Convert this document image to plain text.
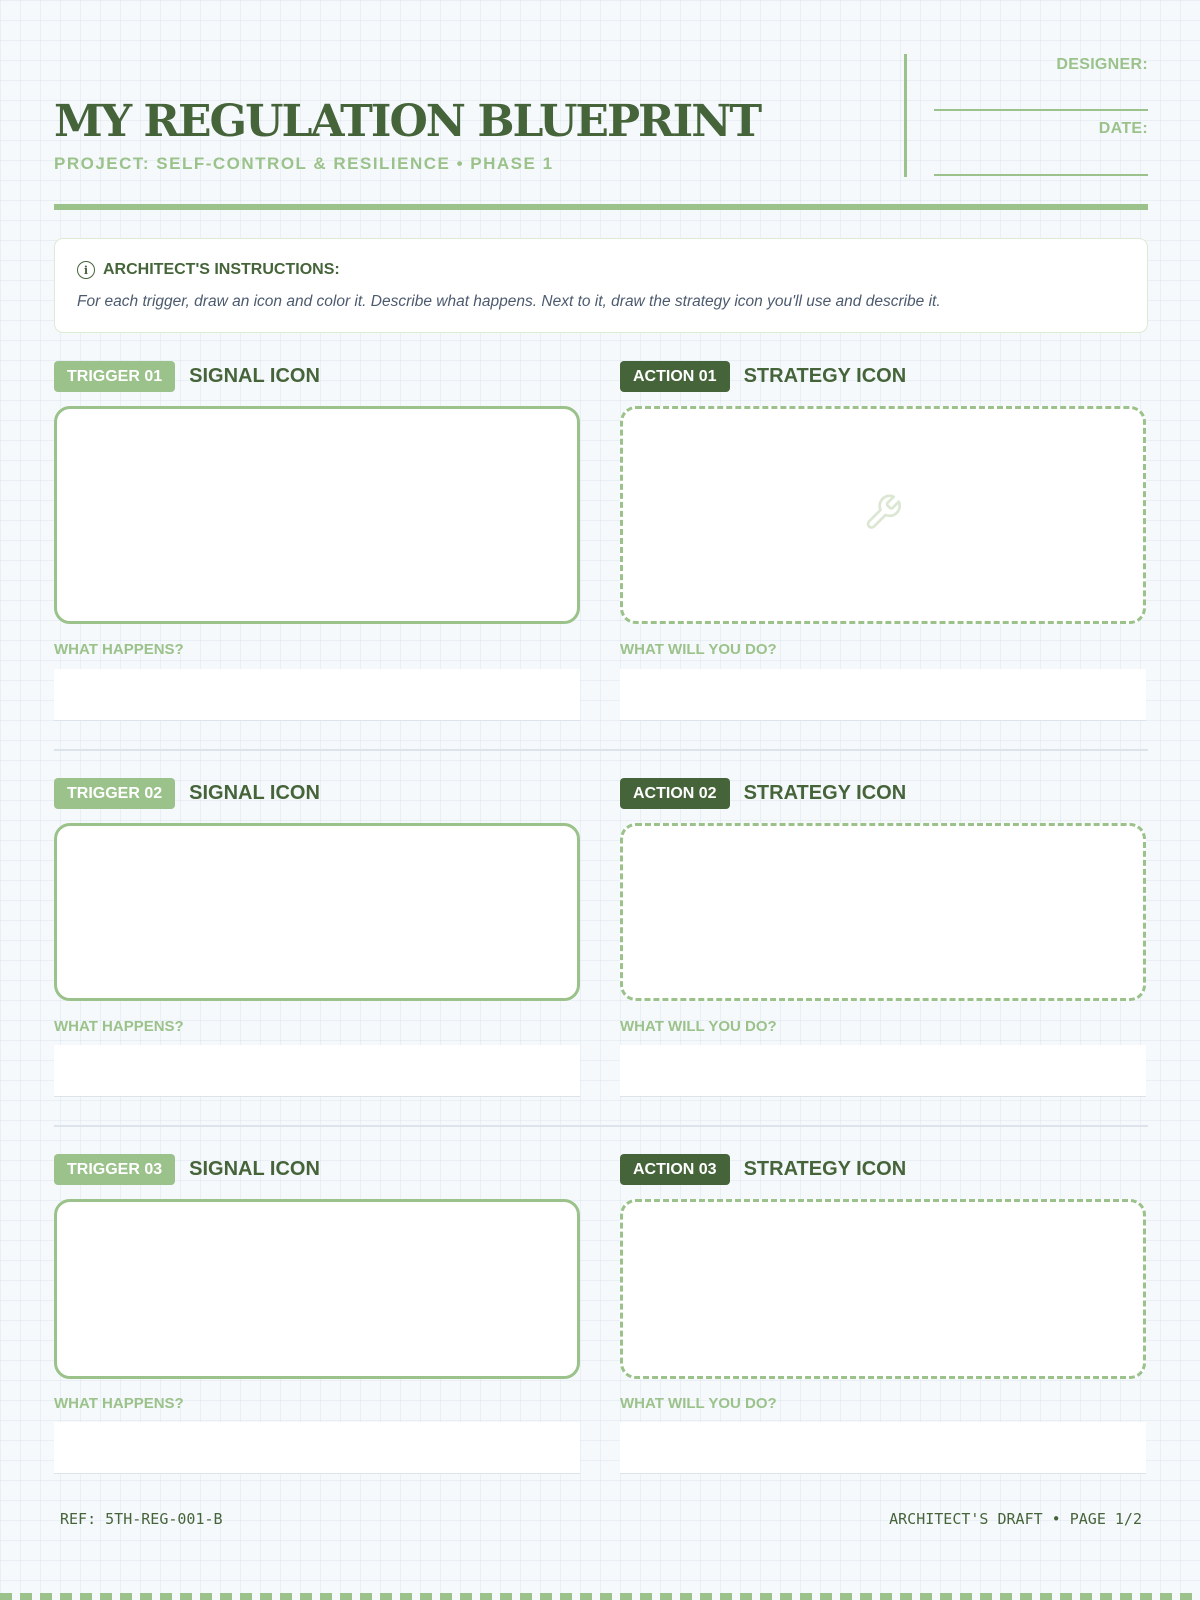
MY REGULATION BLUEPRINT
PROJECT: SELF-CONTROL & RESILIENCE • PHASE 1
DESIGNER:
DATE:
i ARCHITECT'S INSTRUCTIONS:
For each trigger, draw an icon and color it. Describe what happens. Next to it, draw the strategy icon you'll use and describe it.
TRIGGER 01	SIGNAL ICON
WHAT HAPPENS?
ACTION 01	STRATEGY ICON
WHAT WILL YOU DO?
TRIGGER 02	SIGNAL ICON
WHAT HAPPENS?
ACTION 02	STRATEGY ICON
WHAT WILL YOU DO?
TRIGGER 03	SIGNAL ICON
WHAT HAPPENS?
ACTION 03	STRATEGY ICON
WHAT WILL YOU DO?
REF: 5TH-REG-001-B	ARCHITECT'S DRAFT • PAGE 1/2
